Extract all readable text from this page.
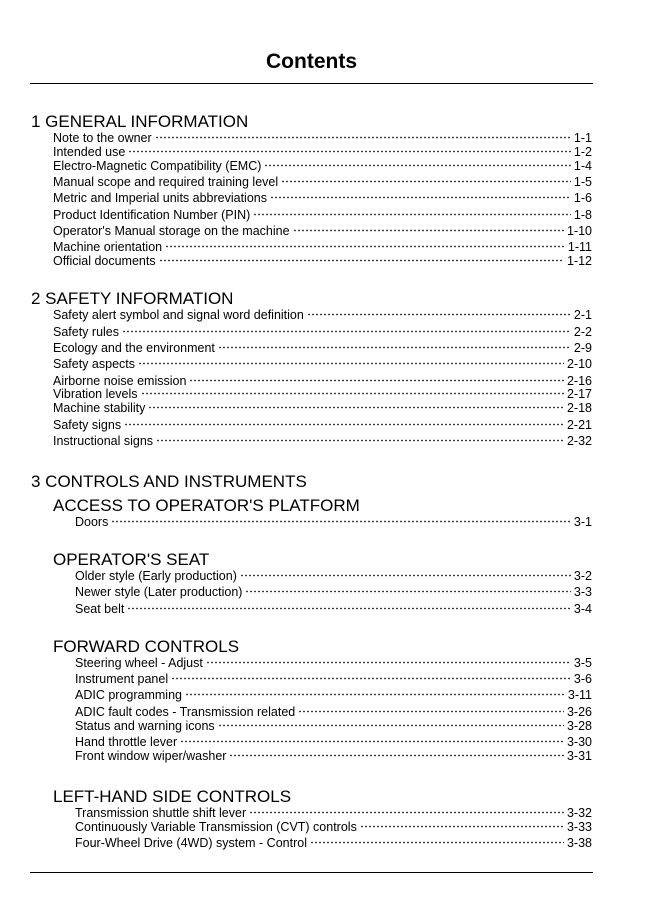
Contents
1 GENERAL INFORMATION
Note to the owner	1-1
Intended use	1-2
Electro-Magnetic Compatibility (EMC)	1-4
Manual scope and required training level	1-5
Metric and Imperial units abbreviations	1-6
Product Identification Number (PIN)	1-8
Operator's Manual storage on the machine	1-10
Machine orientation	1-11
Official documents	1-12
2 SAFETY INFORMATION
Safety alert symbol and signal word definition	2-1
Safety rules	2-2
Ecology and the environment	2-9
Safety aspects	2-10
Airborne noise emission	2-16
Vibration levels	2-17
Machine stability	2-18
Safety signs	2-21
Instructional signs	2-32
3 CONTROLS AND INSTRUMENTS
ACCESS TO OPERATOR'S PLATFORM
Doors	3-1
OPERATOR'S SEAT
Older style (Early production)	3-2
Newer style (Later production)	3-3
Seat belt	3-4
FORWARD CONTROLS
Steering wheel - Adjust	3-5
Instrument panel	3-6
ADIC programming	3-11
ADIC fault codes - Transmission related	3-26
Status and warning icons	3-28
Hand throttle lever	3-30
Front window wiper/washer	3-31
LEFT-HAND SIDE CONTROLS
Transmission shuttle shift lever	3-32
Continuously Variable Transmission (CVT) controls	3-33
Four-Wheel Drive (4WD) system - Control	3-38
